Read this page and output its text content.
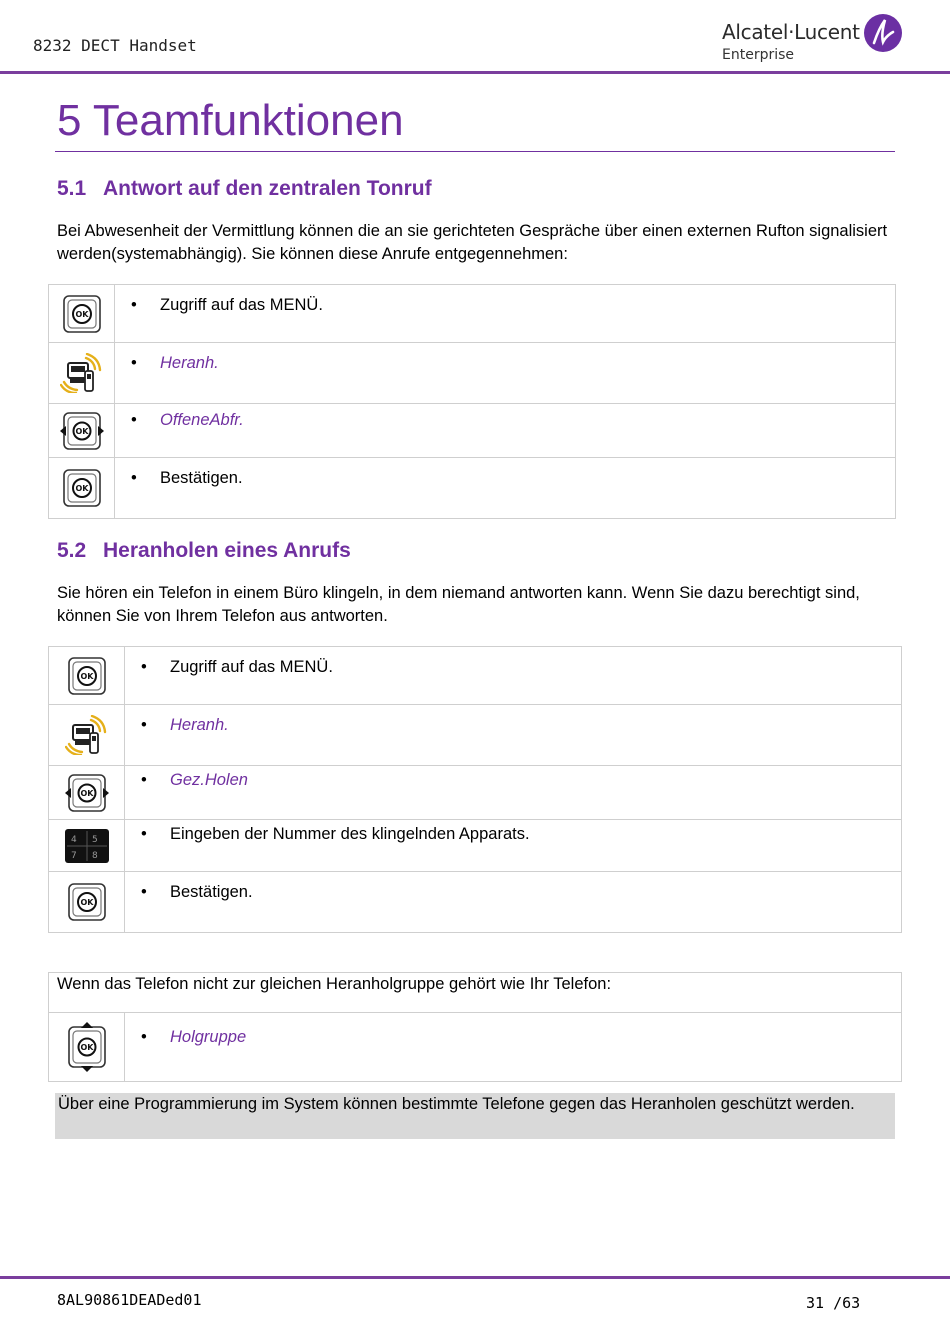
8232 DECT Handset
Alcatel·Lucent
Enterprise
5 Teamfunktionen
5.1 Antwort auf den zentralen Tonruf
Bei Abwesenheit der Vermittlung können die an sie gerichteten Gespräche über einen externen Rufton signalisiert werden(systemabhängig). Sie können diese Anrufe entgegennehmen:
OK	• Zugriff auf das MENÜ.

• Heranh.

OK	• OffeneAbfr.

OK	• Bestätigen.
5.2 Heranholen eines Anrufs
Sie hören ein Telefon in einem Büro klingeln, in dem niemand antworten kann. Wenn Sie dazu berechtigt sind, können Sie von Ihrem Telefon aus antworten.
OK	• Zugriff auf das MENÜ.

• Heranh.

OK	• Gez.Holen

4 5
7 8	• Eingeben der Nummer des klingelnden Apparats.

OK	• Bestätigen.
Wenn das Telefon nicht zur gleichen Heranholgruppe gehört wie Ihr Telefon:

OK

• Holgruppe
Über eine Programmierung im System können bestimmte Telefone gegen das Heranholen geschützt werden.
8AL90861DEADed01	31 /63
